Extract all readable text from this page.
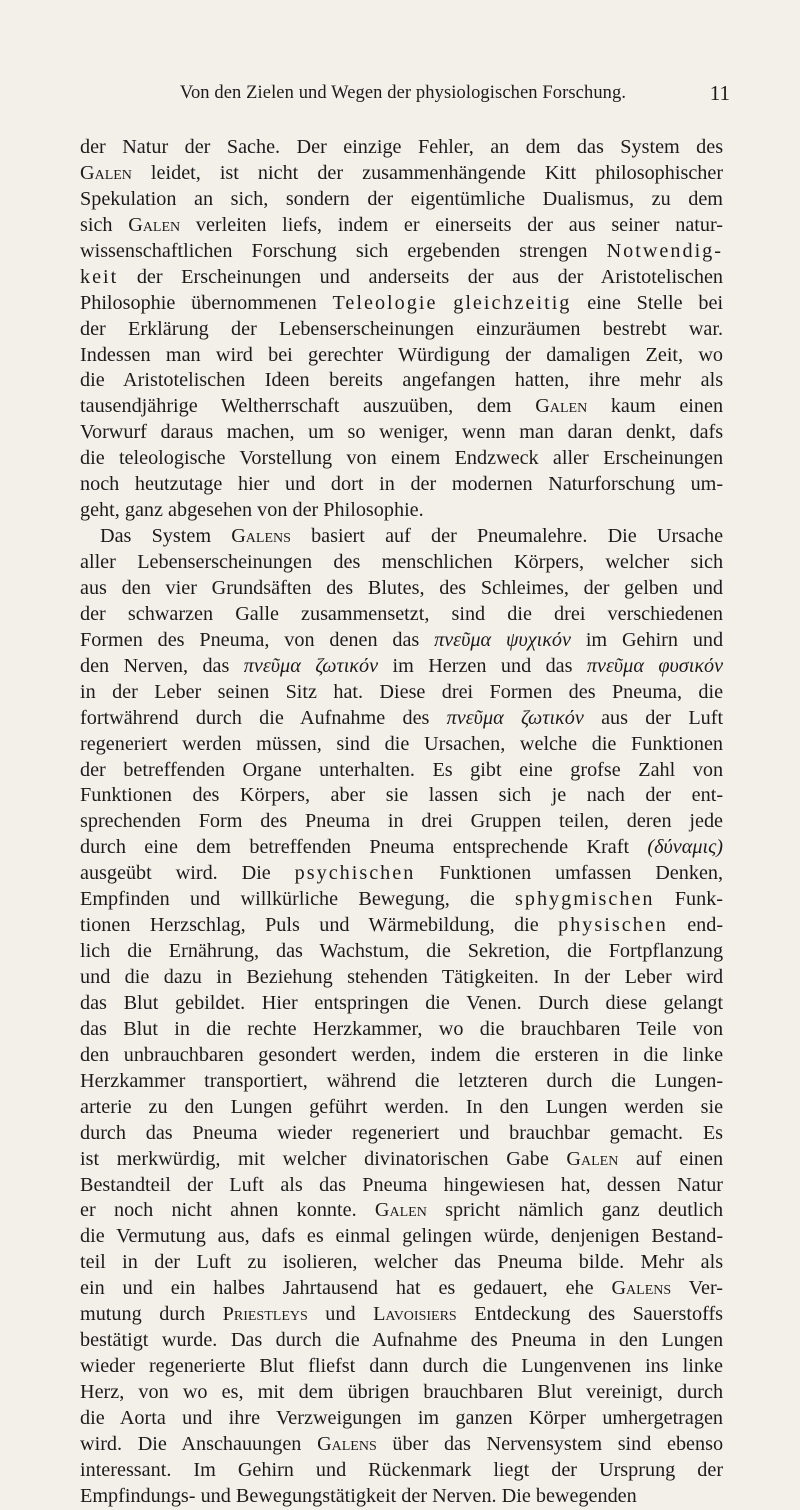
Von den Zielen und Wegen der physiologischen Forschung.	11
der Natur der Sache. Der einzige Fehler, an dem das System des
Galen leidet, ist nicht der zusammenhängende Kitt philosophischer
Spekulation an sich, sondern der eigentümliche Dualismus, zu dem
sich Galen verleiten liefs, indem er einerseits der aus seiner natur-
wissenschaftlichen Forschung sich ergebenden strengen Notwendig-
keit der Erscheinungen und anderseits der aus der Aristotelischen
Philosophie übernommenen Teleologie gleichzeitig eine Stelle bei
der Erklärung der Lebenserscheinungen einzuräumen bestrebt war.
Indessen man wird bei gerechter Würdigung der damaligen Zeit, wo
die Aristotelischen Ideen bereits angefangen hatten, ihre mehr als
tausendjährige Weltherrschaft auszuüben, dem Galen kaum einen
Vorwurf daraus machen, um so weniger, wenn man daran denkt, dafs
die teleologische Vorstellung von einem Endzweck aller Erscheinungen
noch heutzutage hier und dort in der modernen Naturforschung um-
geht, ganz abgesehen von der Philosophie.
Das System Galens basiert auf der Pneumalehre. Die Ursache
aller Lebenserscheinungen des menschlichen Körpers, welcher sich
aus den vier Grundsäften des Blutes, des Schleimes, der gelben und
der schwarzen Galle zusammensetzt, sind die drei verschiedenen
Formen des Pneuma, von denen das πνεῦμα ψυχικόν im Gehirn und
den Nerven, das πνεῦμα ζωτικόν im Herzen und das πνεῦμα φυσικόν
in der Leber seinen Sitz hat. Diese drei Formen des Pneuma, die
fortwährend durch die Aufnahme des πνεῦμα ζωτικόν aus der Luft
regeneriert werden müssen, sind die Ursachen, welche die Funktionen
der betreffenden Organe unterhalten. Es gibt eine grofse Zahl von
Funktionen des Körpers, aber sie lassen sich je nach der ent-
sprechenden Form des Pneuma in drei Gruppen teilen, deren jede
durch eine dem betreffenden Pneuma entsprechende Kraft (δύναμις)
ausgeübt wird. Die psychischen Funktionen umfassen Denken,
Empfinden und willkürliche Bewegung, die sphygmischen Funk-
tionen Herzschlag, Puls und Wärmebildung, die physischen end-
lich die Ernährung, das Wachstum, die Sekretion, die Fortpflanzung
und die dazu in Beziehung stehenden Tätigkeiten. In der Leber wird
das Blut gebildet. Hier entspringen die Venen. Durch diese gelangt
das Blut in die rechte Herzkammer, wo die brauchbaren Teile von
den unbrauchbaren gesondert werden, indem die ersteren in die linke
Herzkammer transportiert, während die letzteren durch die Lungen-
arterie zu den Lungen geführt werden. In den Lungen werden sie
durch das Pneuma wieder regeneriert und brauchbar gemacht. Es
ist merkwürdig, mit welcher divinatorischen Gabe Galen auf einen
Bestandteil der Luft als das Pneuma hingewiesen hat, dessen Natur
er noch nicht ahnen konnte. Galen spricht nämlich ganz deutlich
die Vermutung aus, dafs es einmal gelingen würde, denjenigen Bestand-
teil in der Luft zu isolieren, welcher das Pneuma bilde. Mehr als
ein und ein halbes Jahrtausend hat es gedauert, ehe Galens Ver-
mutung durch Priestleys und Lavoisiers Entdeckung des Sauerstoffs
bestätigt wurde. Das durch die Aufnahme des Pneuma in den Lungen
wieder regenerierte Blut fliefst dann durch die Lungenvenen ins linke
Herz, von wo es, mit dem übrigen brauchbaren Blut vereinigt, durch
die Aorta und ihre Verzweigungen im ganzen Körper umhergetragen
wird. Die Anschauungen Galens über das Nervensystem sind ebenso
interessant. Im Gehirn und Rückenmark liegt der Ursprung der
Empfindungs- und Bewegungstätigkeit der Nerven. Die bewegenden
